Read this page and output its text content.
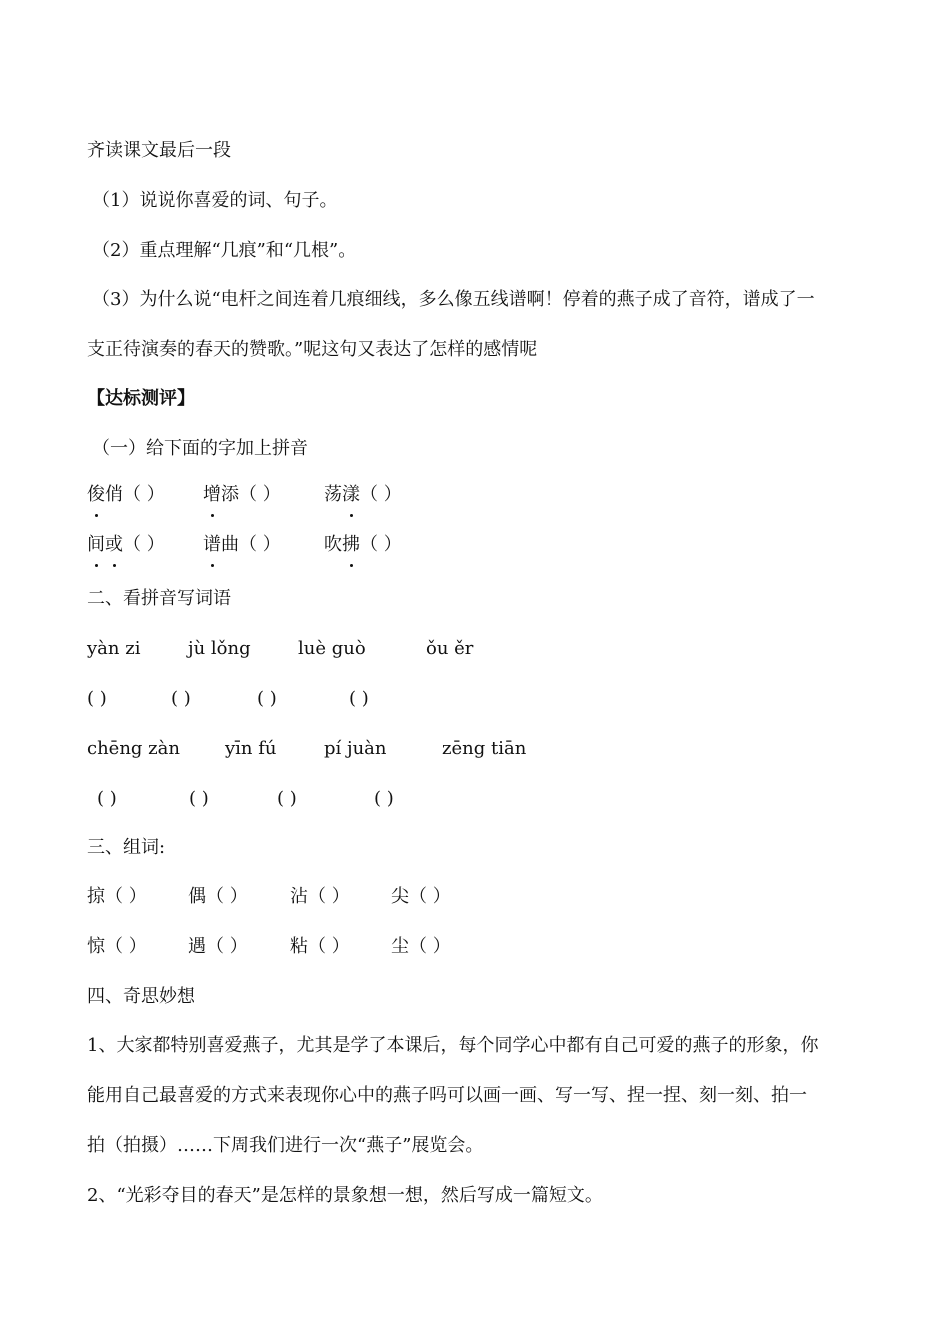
齐读课文最后一段
（1）说说你喜爱的词、句子。
（2）重点理解“几痕”和“几根”。
（3）为什么说“电杆之间连着几痕细线，多么像五线谱啊！停着的燕子成了音符，谱成了一
支正待演奏的春天的赞歌。”呢这句又表达了怎样的感情呢
【达标测评】
（一）给下面的字加上拼音
俊俏（ ） 增添（ ） 荡漾（ ）
间或（ ） 谱曲（ ） 吹拂（ ）
二、看拼音写词语
yàn zi	jù lǒng	luè guò	ǒu ěr
( )	( )	( )	( )
chēng zàn	yīn fú	pí juàn	zēng tiān
( )	( )	( )	( )
三、组词:
掠（ ） 偶（ ） 沾（ ） 尖（ ）
惊（ ） 遇（ ） 粘（ ） 尘（ ）
四、奇思妙想
1、大家都特别喜爱燕子，尤其是学了本课后，每个同学心中都有自己可爱的燕子的形象，你
能用自己最喜爱的方式来表现你心中的燕子吗可以画一画、写一写、捏一捏、刻一刻、拍一
拍（拍摄）……下周我们进行一次“燕子”展览会。
2、“光彩夺目的春天”是怎样的景象想一想，然后写成一篇短文。
